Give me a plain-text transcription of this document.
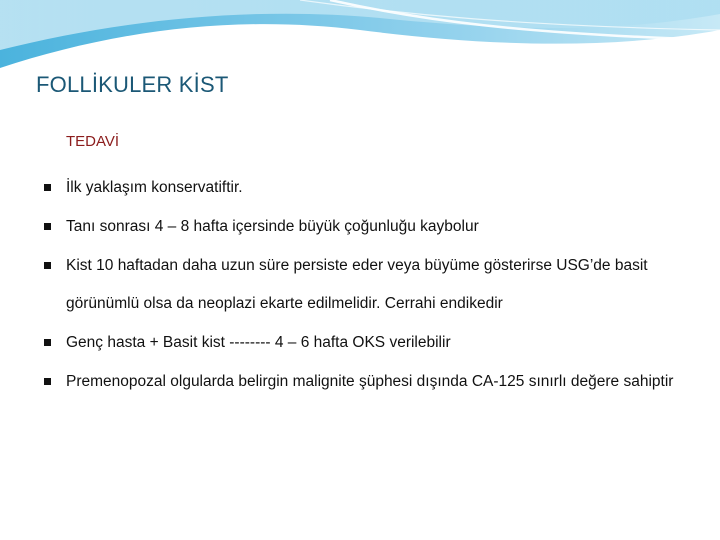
FOLLİKULER KİST
TEDAVİ
İlk yaklaşım konservatiftir.
Tanı sonrası 4 – 8 hafta içersinde büyük çoğunluğu kaybolur
Kist 10 haftadan daha uzun süre persiste eder veya büyüme gösterirse USG’de basit görünümlü olsa da neoplazi ekarte edilmelidir. Cerrahi endikedir
Genç hasta + Basit kist -------- 4 – 6 hafta OKS verilebilir
Premenopozal olgularda belirgin malignite şüphesi dışında CA-125 sınırlı değere sahiptir
